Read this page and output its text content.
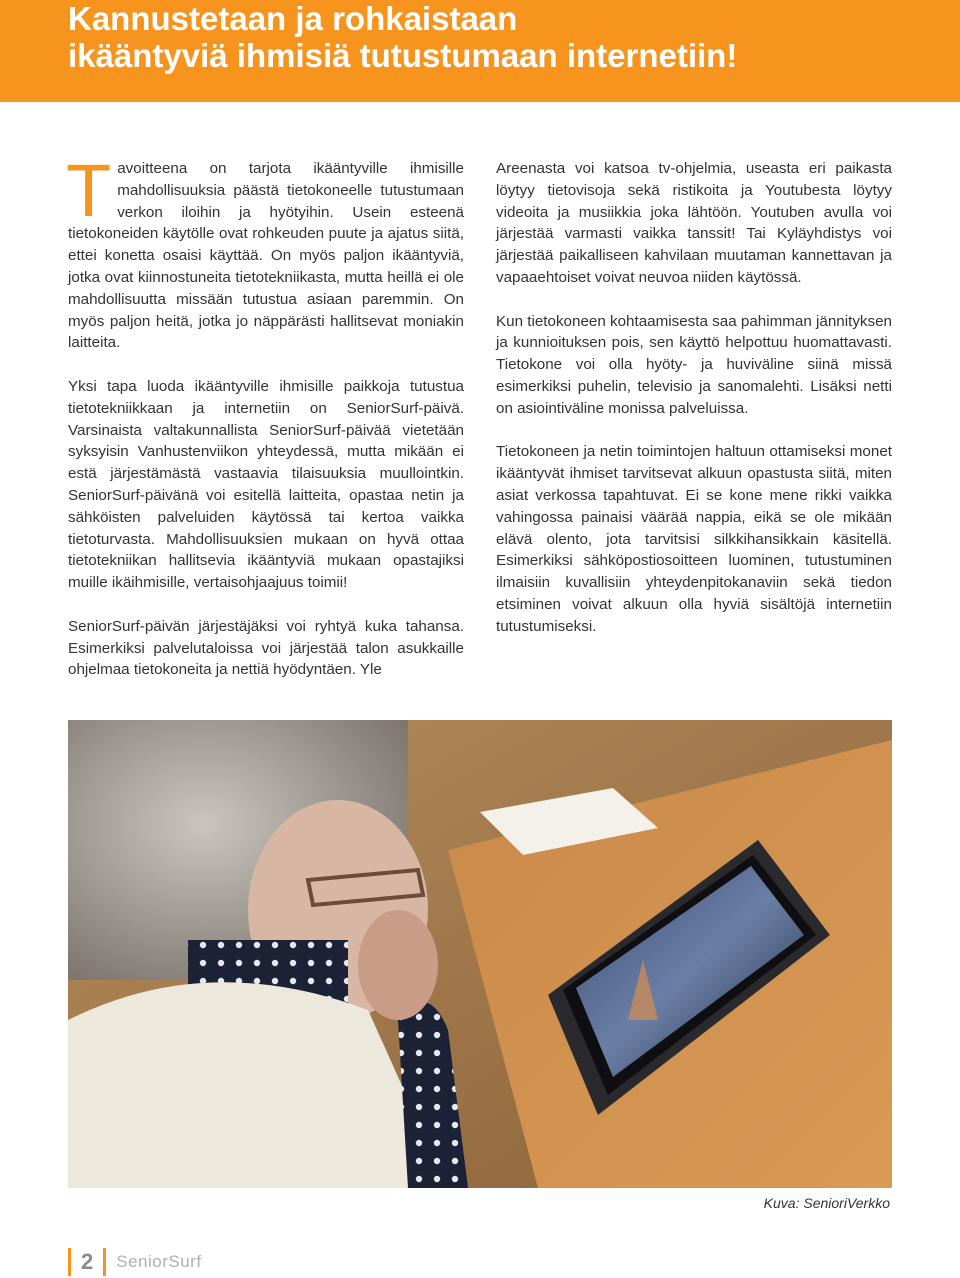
Kannustetaan ja rohkaistaan
ikääntyviä ihmisiä tutustumaan internetiin!

Tavoitteena on tarjota ikääntyville ihmisille mahdollisuuksia päästä tietokoneelle tutustumaan verkon iloihin ja hyötyihin. Usein esteenä tietokoneiden käytölle ovat rohkeuden puute ja ajatus siitä, ettei konetta osaisi käyttää. On myös paljon ikääntyviä, jotka ovat kiinnostuneita tietotekniikasta, mutta heillä ei ole mahdollisuutta missään tutustua asiaan paremmin. On myös paljon heitä, jotka jo näppärästi hallitsevat moniakin laitteita.

Yksi tapa luoda ikääntyville ihmisille paikkoja tutustua tietotekniikkaan ja internetiin on SeniorSurf-päivä. Varsinaista valtakunnallista SeniorSurf-päivää vietetään syksyisin Vanhustenviikon yhteydessä, mutta mikään ei estä järjestämästä vastaavia tilaisuuksia muullointkin. SeniorSurf-päivänä voi esitellä laitteita, opastaa netin ja sähköisten palveluiden käytössä tai kertoa vaikka tietoturvasta. Mahdollisuuksien mukaan on hyvä ottaa tietotekniikan hallitsevia ikääntyviä mukaan opastajiksi muille ikäihmisille, vertaisohjaajuus toimii!

SeniorSurf-päivän järjestäjäksi voi ryhtyä kuka tahansa. Esimerkiksi palvelutaloissa voi järjestää talon asukkaille ohjelmaa tietokoneita ja nettiä hyödyntäen. Yle

Areenasta voi katsoa tv-ohjelmia, useasta eri paikasta löytyy tietovisoja sekä ristikoita ja Youtubesta löytyy videoita ja musiikkia joka lähtöön. Youtuben avulla voi järjestää varmasti vaikka tanssit! Tai Kyläyhdistys voi järjestää paikalliseen kahvilaan muutaman kannettavan ja vapaaehtoiset voivat neuvoa niiden käytössä.

Kun tietokoneen kohtaamisesta saa pahimman jännityksen ja kunnioituksen pois, sen käyttö helpottuu huomattavasti. Tietokone voi olla hyöty- ja huviväline siinä missä esimerkiksi puhelin, televisio ja sanomalehti. Lisäksi netti on asiointiväline monissa palveluissa.

Tietokoneen ja netin toimintojen haltuun ottamiseksi monet ikääntyvät ihmiset tarvitsevat alkuun opastusta siitä, miten asiat verkossa tapahtuvat. Ei se kone mene rikki vaikka vahingossa painaisi väärää nappia, eikä se ole mikään elävä olento, jota tarvitsisi silkkihansikkain käsitellä. Esimerkiksi sähköpostiosoitteen luominen, tutustuminen ilmaisiin kuvallisiin yhteydenpitokanaviin sekä tiedon etsiminen voivat alkuun olla hyviä sisältöjä internetiin tutustumiseksi.

Kuva: SenioriVerkko
2 SeniorSurf
